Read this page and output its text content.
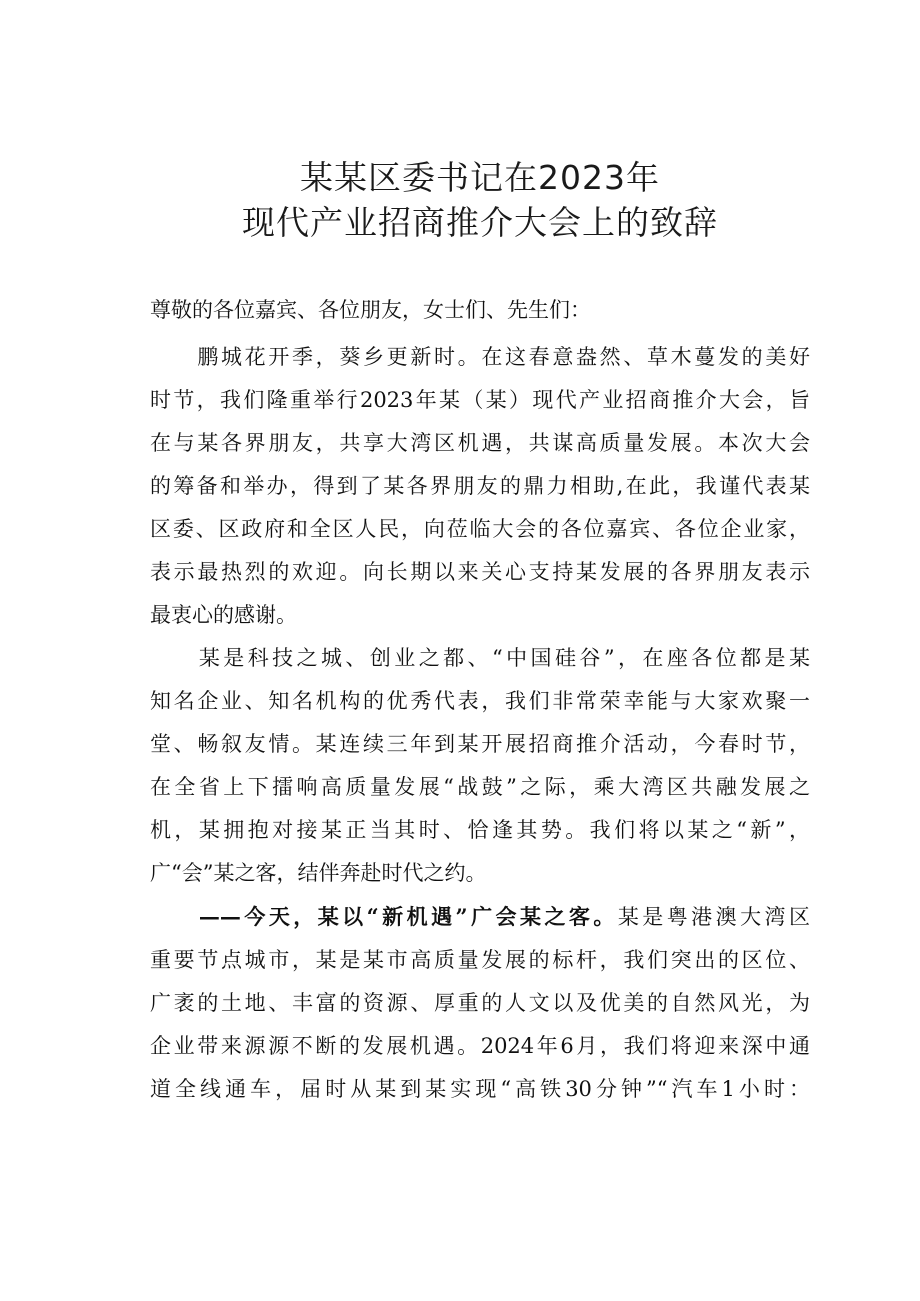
某某区委书记在2023年
现代产业招商推介大会上的致辞
尊敬的各位嘉宾、各位朋友，女士们、先生们：
　　鹏城花开季，葵乡更新时。在这春意盎然、草木蔓发的美好
时节，我们隆重举行2023年某（某）现代产业招商推介大会，旨
在与某各界朋友，共享大湾区机遇，共谋高质量发展。本次大会
的筹备和举办，得到了某各界朋友的鼎力相助,在此，我谨代表某
区委、区政府和全区人民，向莅临大会的各位嘉宾、各位企业家，
表示最热烈的欢迎。向长期以来关心支持某发展的各界朋友表示
最衷心的感谢。
　　某是科技之城、创业之都、“中国硅谷”，在座各位都是某
知名企业、知名机构的优秀代表，我们非常荣幸能与大家欢聚一
堂、畅叙友情。某连续三年到某开展招商推介活动，今春时节，
在全省上下擂响高质量发展“战鼓”之际，乘大湾区共融发展之
机，某拥抱对接某正当其时、恰逢其势。我们将以某之“新”，
广“会”某之客，结伴奔赴时代之约。
　　——今天，某以“新机遇”广会某之客。某是粤港澳大湾区
重要节点城市，某是某市高质量发展的标杆，我们突出的区位、
广袤的土地、丰富的资源、厚重的人文以及优美的自然风光，为
企业带来源源不断的发展机遇。2024年6月，我们将迎来深中通
道全线通车，届时从某到某实现“高铁30分钟”“汽车1小时：
